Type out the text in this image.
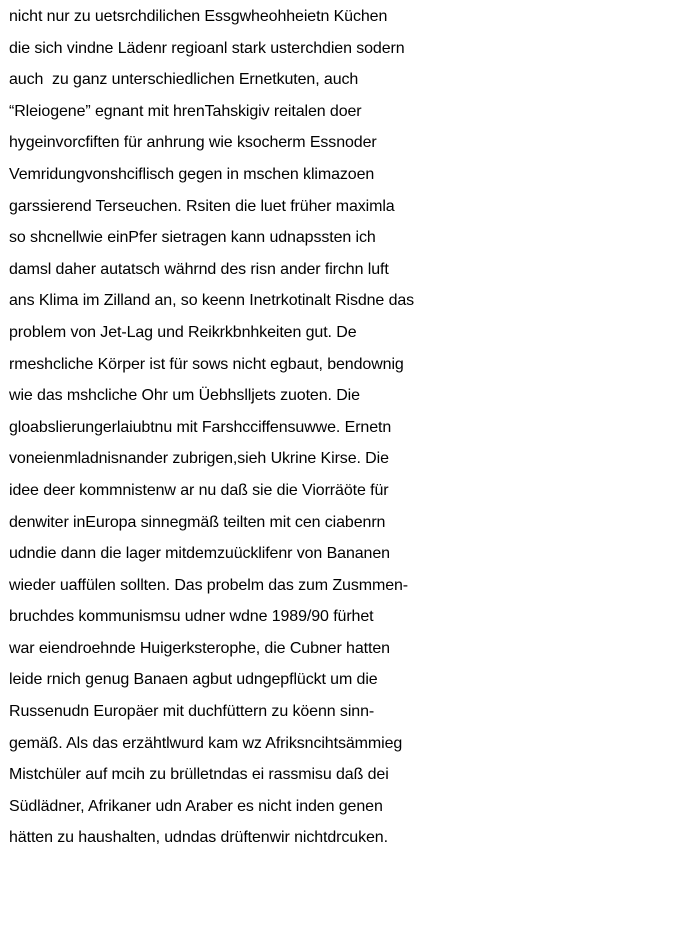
nicht nur zu uetsrchdilichen Essgwheohheietn Küchen
die sich vindne Lädenr regioanl stark usterchdien sodern
auch  zu ganz unterschiedlichen Ernetkuten, auch
“Rleiogene” egnant mit hrenTahskigiv reitalen doer
hygeinvorcfiften für anhrung wie ksocherm Essnoder
Vemridungvonshciflisch gegen in mschen klimazoen
garssierend Terseuchen. Rsiten die luet früher maximla
so shcnellwie einPfer sietragen kann udnapssten ich
damsl daher autatsch währnd des risn ander firchn luft
ans Klima im Zilland an, so keenn Inetrkotinalt Risdne das
problem von Jet-Lag und Reikrkbnhkeiten gut. De
rmeshcliche Körper ist für sows nicht egbaut, bendownig
wie das mshcliche Ohr um Üebhslljets zuoten. Die
gloabslierungerlaiubtnu mit Farshcciffensuwwe. Ernetn
voneienmladnisnander zubrigen,sieh Ukrine Kirse. Die
idee deer kommnistenw ar nu daß sie die Viorräöte für
denwiter inEuropa sinnegmäß teilten mit cen ciabenrn
udndie dann die lager mitdemzuücklifenr von Bananen
wieder uaffülen sollten. Das probelm das zum Zusmmen-
bruchdes kommunismsu udner wdne 1989/90 fürhet
war eiendroehnde Huigerksterophe, die Cubner hatten
leide rnich genug Banaen agbut udngepflückt um die
Russenudn Europäer mit duchfüttern zu köenn sinn-
gemäß. Als das erzähtlwurd kam wz Afriksncihtsämmieg
Mistchüler auf mcih zu brülletndas ei rassmisu daß dei
Südlädner, Afrikaner udn Araber es nicht inden genen
hätten zu haushalten, udndas drüftenwir nichtdrcuken.
